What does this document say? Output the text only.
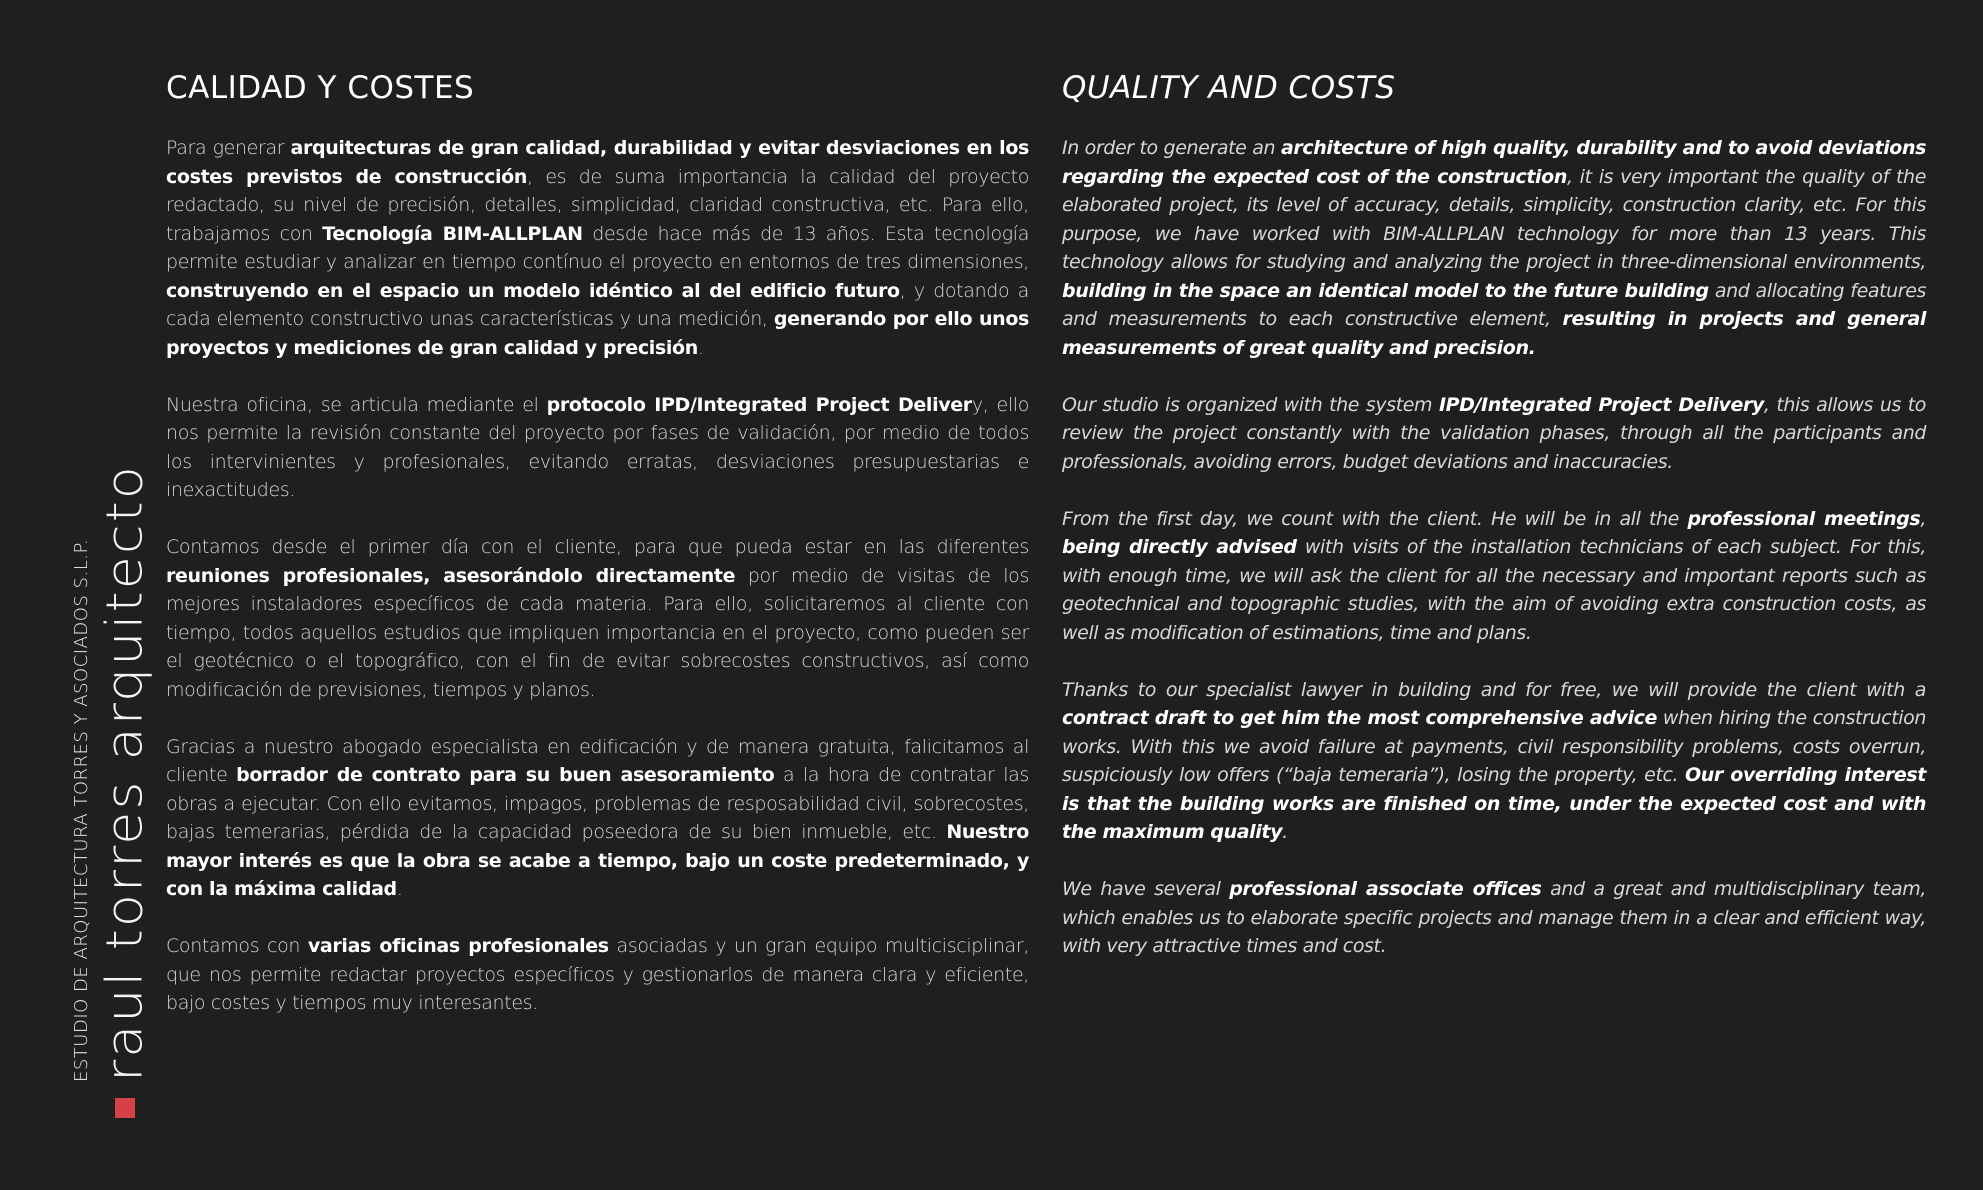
ESTUDIO DE ARQUITECTURA TORRES Y ASOCIADOS S.L.P. raul torres arquitecto
CALIDAD Y COSTES

Para generar arquitecturas de gran calidad, durabilidad y evitar desviaciones en los costes previstos de construcción, es de suma importancia la calidad del proyecto redactado, su nivel de precisión, detalles, simplicidad, claridad constructiva, etc. Para ello, trabajamos con Tecnología BIM-ALLPLAN desde hace más de 13 años. Esta tecnología permite estudiar y analizar en tiempo contínuo el proyecto en entornos de tres dimensiones, construyendo en el espacio un modelo idéntico al del edificio futuro, y dotando a cada elemento constructivo unas características y una medición, generando por ello unos proyectos y mediciones de gran calidad y precisión.

Nuestra oficina, se articula mediante el protocolo IPD/Integrated Project Delivery, ello nos permite la revisión constante del proyecto por fases de validación, por medio de todos los intervinientes y profesionales, evitando erratas, desviaciones presupuestarias e inexactitudes.

Contamos desde el primer día con el cliente, para que pueda estar en las diferentes reuniones profesionales, asesorándolo directamente por medio de visitas de los mejores instaladores específicos de cada materia. Para ello, solicitaremos al cliente con tiempo, todos aquellos estudios que impliquen importancia en el proyecto, como pueden ser el geotécnico o el topográfico, con el fin de evitar sobrecostes constructivos, así como modificación de previsiones, tiempos y planos.

Gracias a nuestro abogado especialista en edificación y de manera gratuita, falicitamos al cliente borrador de contrato para su buen asesoramiento a la hora de contratar las obras a ejecutar. Con ello evitamos, impagos, problemas de resposabilidad civil, sobrecostes, bajas temerarias, pérdida de la capacidad poseedora de su bien inmueble, etc. Nuestro mayor interés es que la obra se acabe a tiempo, bajo un coste predeterminado, y con la máxima calidad.

Contamos con varias oficinas profesionales asociadas y un gran equipo multicisciplinar, que nos permite redactar proyectos específicos y gestionarlos de manera clara y eficiente, bajo costes y tiempos muy interesantes.

QUALITY AND COSTS

In order to generate an architecture of high quality, durability and to avoid deviations regarding the expected cost of the construction, it is very important the quality of the elaborated project, its level of accuracy, details, simplicity, construction clarity, etc. For this purpose, we have worked with BIM-ALLPLAN technology for more than 13 years. This technology allows for studying and analyzing the project in three-dimensional environments, building in the space an identical model to the future building and allocating features and measurements to each constructive element, resulting in projects and general measurements of great quality and precision.

Our studio is organized with the system IPD/Integrated Project Delivery, this allows us to review the project constantly with the validation phases, through all the participants and professionals, avoiding errors, budget deviations and inaccuracies.

From the first day, we count with the client. He will be in all the professional meetings, being directly advised with visits of the installation technicians of each subject. For this, with enough time, we will ask the client for all the necessary and important reports such as geotechnical and topographic studies, with the aim of avoiding extra construction costs, as well as modification of estimations, time and plans.

Thanks to our specialist lawyer in building and for free, we will provide the client with a contract draft to get him the most comprehensive advice when hiring the construction works. With this we avoid failure at payments, civil responsibility problems, costs overrun, suspiciously low offers (“baja temeraria”), losing the property, etc. Our overriding interest is that the building works are finished on time, under the expected cost and with the maximum quality.

We have several professional associate offices and a great and multidisciplinary team, which enables us to elaborate specific projects and manage them in a clear and efficient way, with very attractive times and cost.
